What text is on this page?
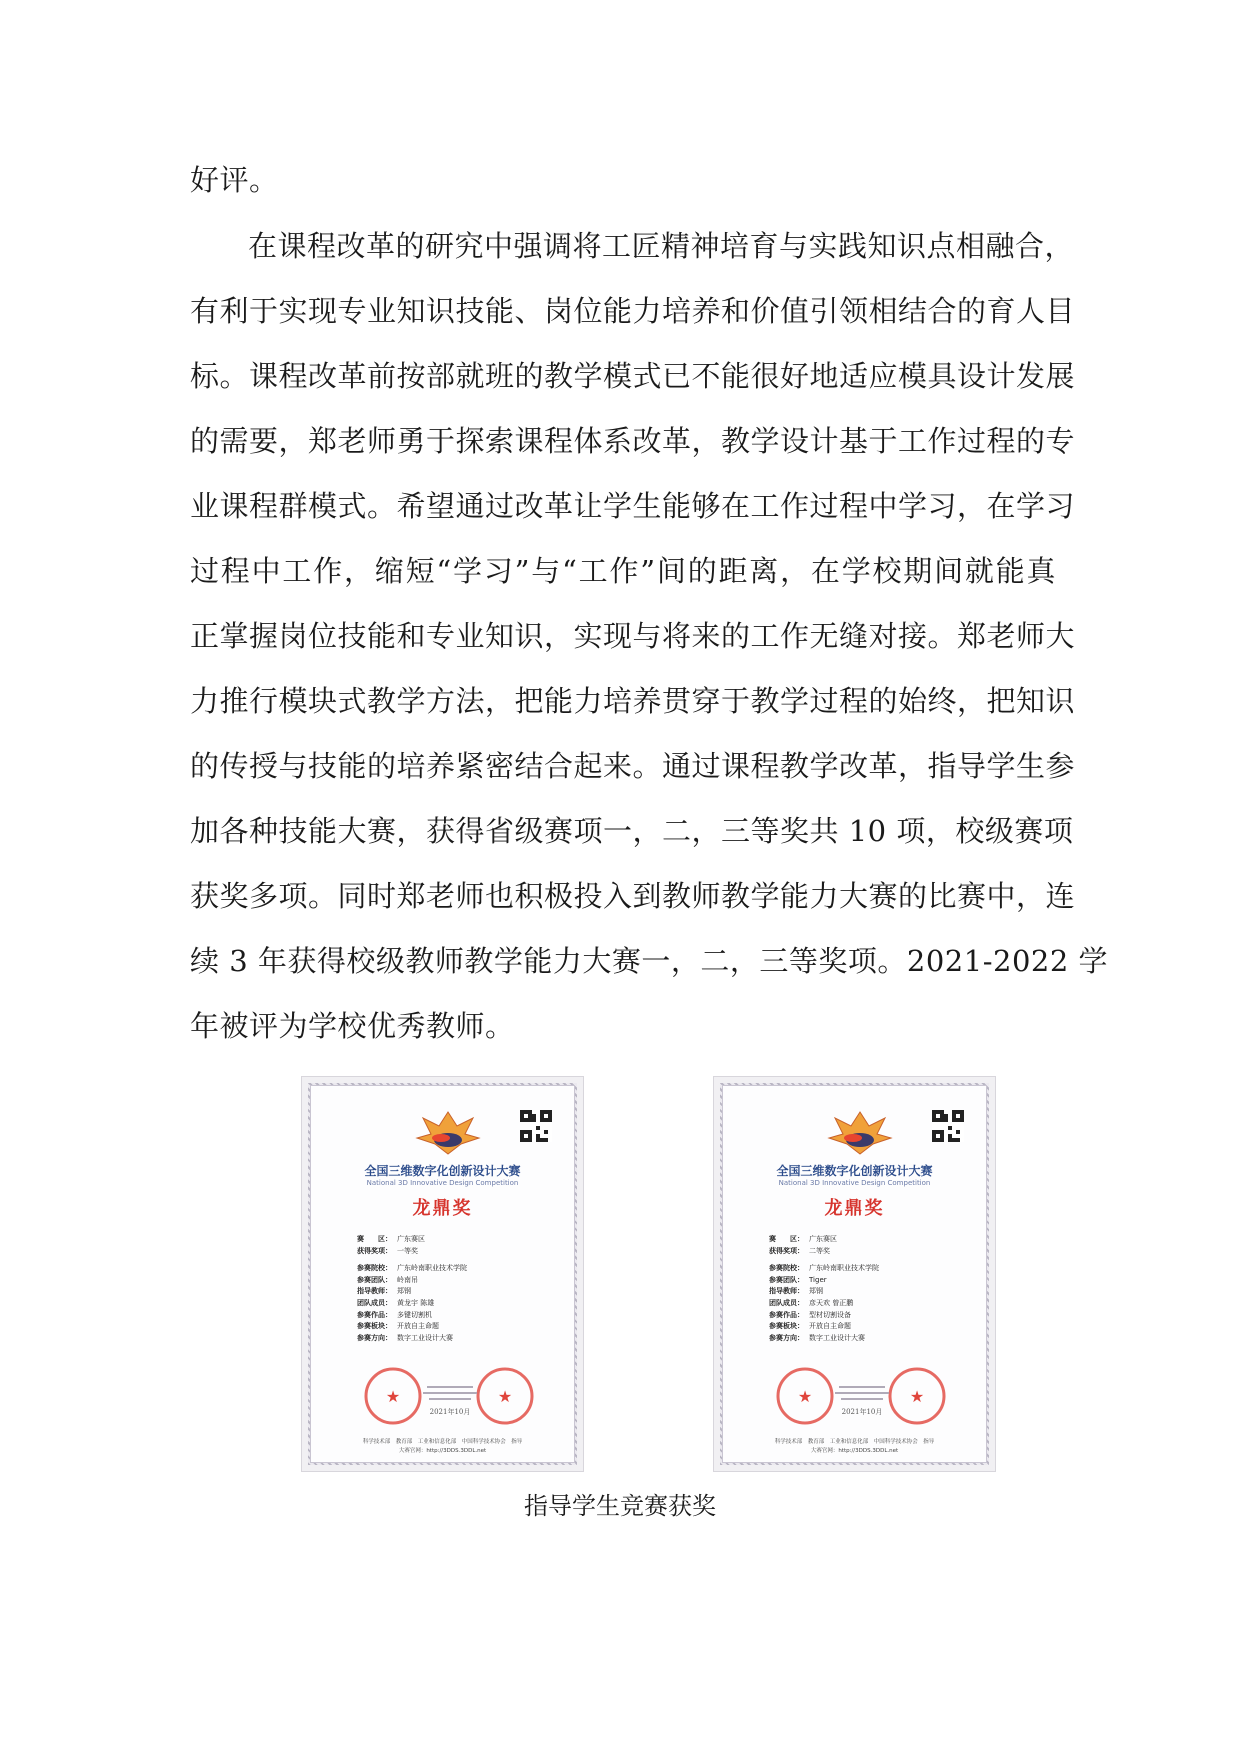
好评。
在课程改革的研究中强调将工匠精神培育与实践知识点相融合，
有利于实现专业知识技能、岗位能力培养和价值引领相结合的育人目
标。课程改革前按部就班的教学模式已不能很好地适应模具设计发展
的需要，郑老师勇于探索课程体系改革，教学设计基于工作过程的专
业课程群模式。希望通过改革让学生能够在工作过程中学习，在学习
过程中工作，缩短“学习”与“工作”间的距离，在学校期间就能真
正掌握岗位技能和专业知识，实现与将来的工作无缝对接。郑老师大
力推行模块式教学方法，把能力培养贯穿于教学过程的始终，把知识
的传授与技能的培养紧密结合起来。通过课程教学改革，指导学生参
加各种技能大赛，获得省级赛项一，二，三等奖共 10 项，校级赛项
获奖多项。同时郑老师也积极投入到教师教学能力大赛的比赛中，连
续 3 年获得校级教师教学能力大赛一，二，三等奖项。2021-2022 学
年被评为学校优秀教师。
全国三维数字化创新设计大赛
National 3D Innovative Design Competition
龙鼎奖
赛　　区： 广东赛区
获得奖项： 一等奖
参赛院校： 广东岭南职业技术学院
参赛团队： 岭南吊
指导教师： 郑钢
团队成员： 黄龙宇 陈雄
参赛作品： 多键切割机
参赛板块： 开放自主命题
参赛方向： 数字工业设计大赛
★	★
2021年10月
科学技术部　教育部　工业和信息化部　中国科学技术协会　指导
大赛官网：http://3DDS.3DDL.net
全国三维数字化创新设计大赛
National 3D Innovative Design Competition
龙鼎奖
赛　　区： 广东赛区
获得奖项： 二等奖
参赛院校： 广东岭南职业技术学院
参赛团队： Tiger
指导教师： 郑钢
团队成员： 彦天欢 曾正鹏
参赛作品： 型材切割设备
参赛板块： 开放自主命题
参赛方向： 数字工业设计大赛
★	★
2021年10月
科学技术部　教育部　工业和信息化部　中国科学技术协会　指导
大赛官网：http://3DDS.3DDL.net
指导学生竞赛获奖
